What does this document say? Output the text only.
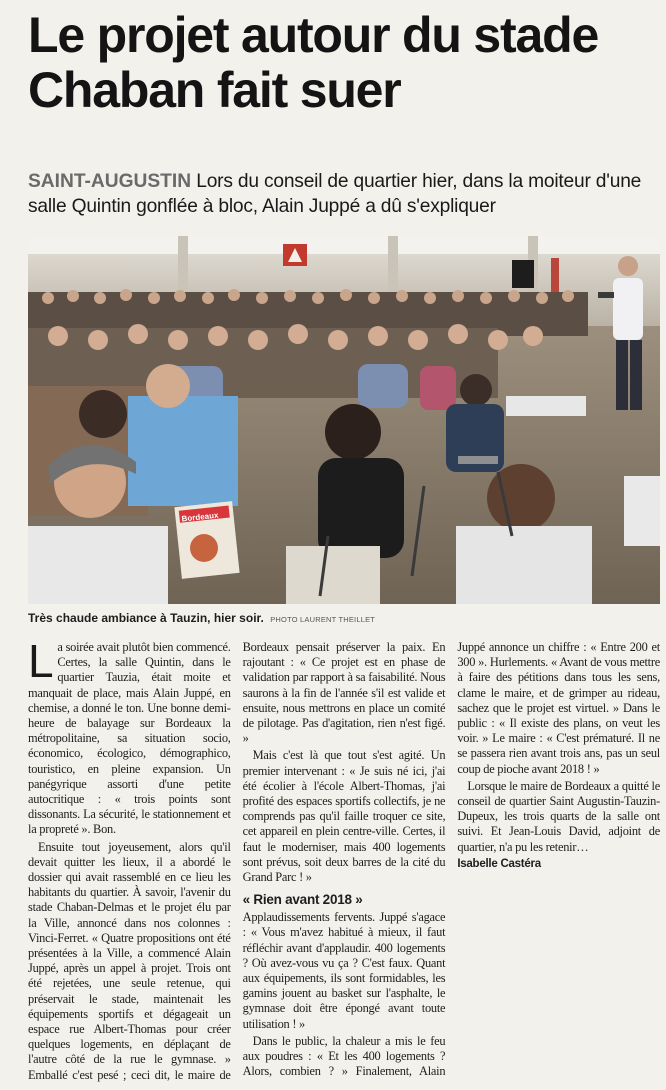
Le projet autour du stade Chaban fait suer
SAINT-AUGUSTIN Lors du conseil de quartier hier, dans la moiteur d'une salle Quintin gonflée à bloc, Alain Juppé a dû s'expliquer
Bordeaux
Très chaude ambiance à Tauzin, hier soir. PHOTO LAURENT THEILLET

La soirée avait plutôt bien commencé. Certes, la salle Quintin, dans le quartier Tauzia, était moite et manquait de place, mais Alain Juppé, en chemise, a donné le ton. Une bonne demi-heure de balayage sur Bordeaux la métropolitaine, sa situation socio, économico, écologico, démographico, touristico, en pleine expansion. Un panégyrique assorti d'une petite autocritique : « trois points sont dissonants. La sécurité, le stationnement et la propreté ». Bon.

Ensuite tout joyeusement, alors qu'il devait quitter les lieux, il a abordé le dossier qui avait rassemblé en ce lieu les habitants du quartier. À savoir, l'avenir du stade Chaban-Delmas et le projet élu par la Ville, annoncé dans nos colonnes : Vinci-Ferret. « Quatre propositions ont été présentées à la Ville, a commencé Alain Juppé, après un appel à projet. Trois ont été rejetées, une seule retenue, qui préservait le stade, maintenait les équipements sportifs et dégageait un espace rue Albert-Thomas pour créer quelques logements, en déplaçant de l'autre côté de la rue le gymnase. » Emballé c'est pesé ; ceci dit, le maire de Bordeaux pensait préserver la paix. En rajoutant : « Ce projet est en phase de validation par rapport à sa faisabilité. Nous saurons à la fin de l'année s'il est valide et ensuite, nous mettrons en place un comité de pilotage. Pas d'agitation, rien n'est figé. »

Mais c'est là que tout s'est agité. Un premier intervenant : « Je suis né ici, j'ai été écolier à l'école Albert-Thomas, j'ai profité des espaces sportifs collectifs, je ne comprends pas qu'il faille troquer ce site, cet appareil en plein centre-ville. Certes, il faut le moderniser, mais 400 logements sont prévus, soit deux barres de la cité du Grand Parc ! »

« Rien avant 2018 »

Applaudissements fervents. Juppé s'agace : « Vous m'avez habitué à mieux, il faut réfléchir avant d'applaudir. 400 logements ? Où avez-vous vu ça ? C'est faux. Quant aux équipements, ils sont formidables, les gamins jouent au basket sur l'asphalte, le gymnase doit être épongé avant toute utilisation ! »

Dans le public, la chaleur a mis le feu aux poudres : « Et les 400 logements ? Alors, combien ? » Finalement, Alain Juppé annonce un chiffre : « Entre 200 et 300 ». Hurlements. « Avant de vous mettre à faire des pétitions dans tous les sens, clame le maire, et de grimper au rideau, sachez que le projet est virtuel. » Dans le public : « Il existe des plans, on veut les voir. » Le maire : « C'est prématuré. Il ne se passera rien avant trois ans, pas un seul coup de pioche avant 2018 ! »

Lorsque le maire de Bordeaux a quitté le conseil de quartier Saint Augustin-Tauzin-Dupeux, les trois quarts de la salle ont suivi. Et Jean-Louis David, adjoint de quartier, n'a pu les retenir…

Isabelle Castéra
